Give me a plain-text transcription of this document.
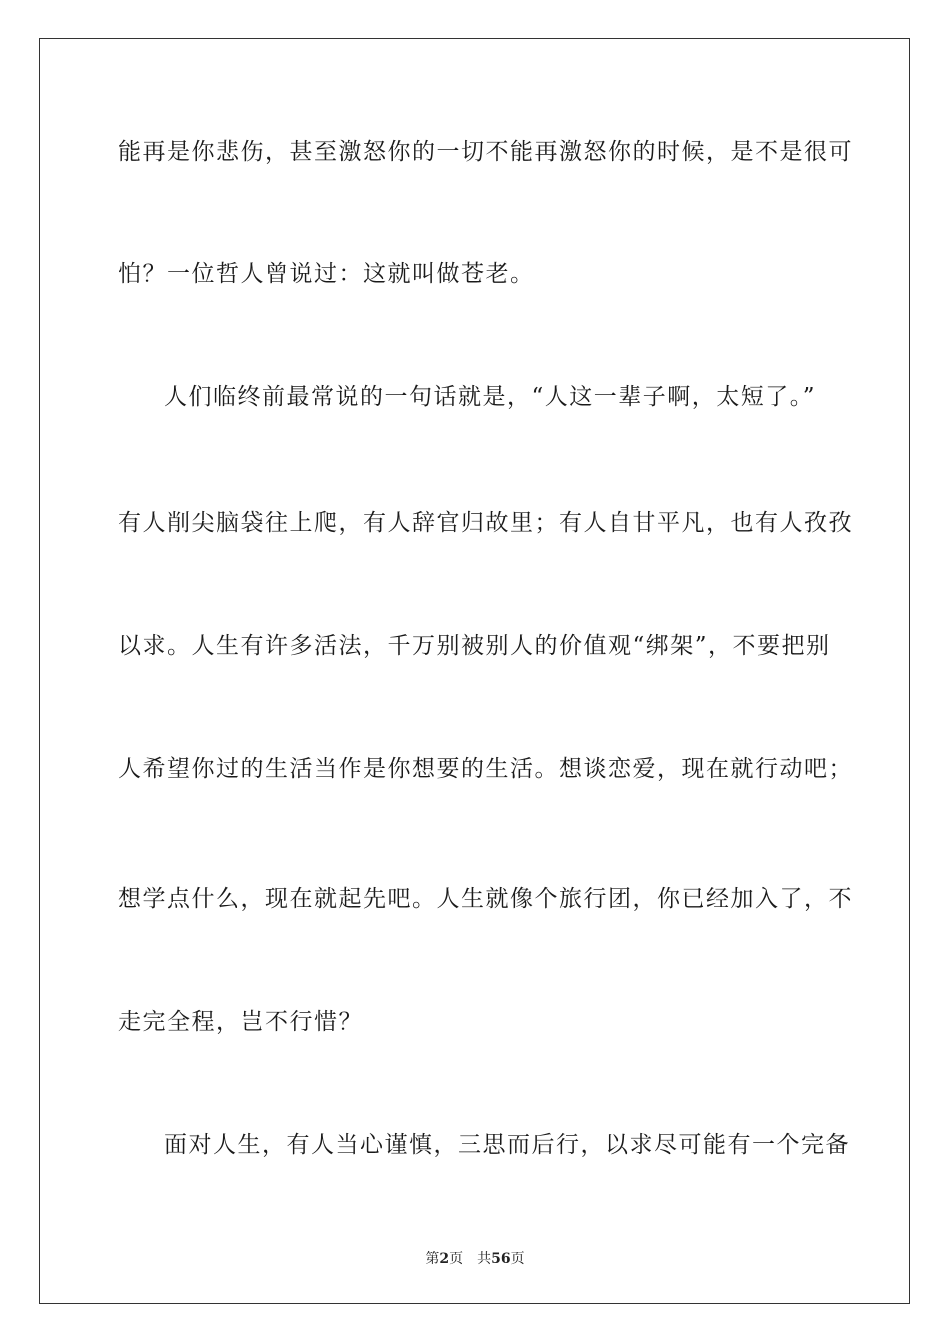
能再是你悲伤，甚至激怒你的一切不能再激怒你的时候，是不是很可
怕？一位哲人曾说过：这就叫做苍老。
人们临终前最常说的一句话就是，“人这一辈子啊，太短了。”
有人削尖脑袋往上爬，有人辞官归故里；有人自甘平凡，也有人孜孜
以求。人生有许多活法，千万别被别人的价值观“绑架”，不要把别
人希望你过的生活当作是你想要的生活。想谈恋爱，现在就行动吧；
想学点什么，现在就起先吧。人生就像个旅行团，你已经加入了，不
走完全程，岂不行惜？
面对人生，有人当心谨慎，三思而后行，以求尽可能有一个完备
第2页 共56页
